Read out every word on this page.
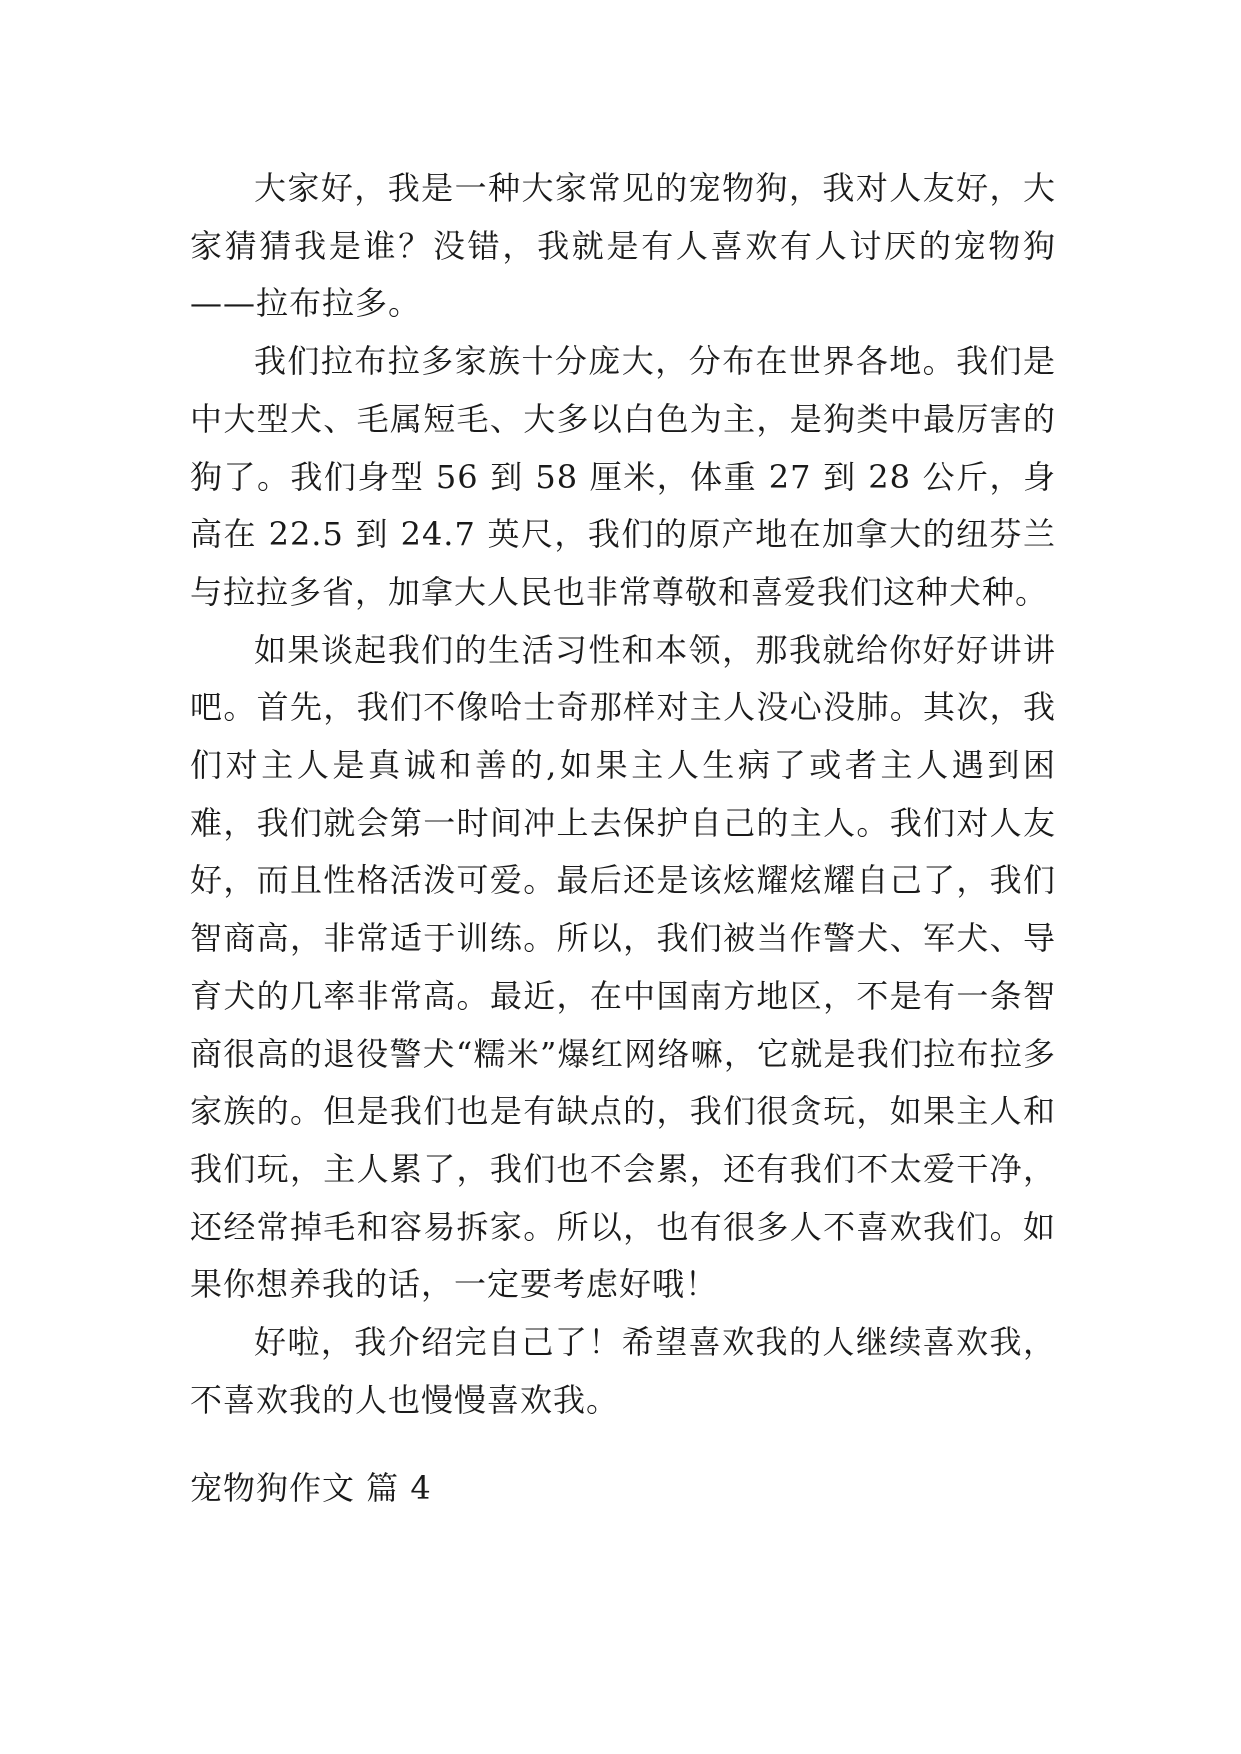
大家好，我是一种大家常见的宠物狗，我对人友好，大家猜猜我是谁？没错，我就是有人喜欢有人讨厌的宠物狗——拉布拉多。

我们拉布拉多家族十分庞大，分布在世界各地。我们是中大型犬、毛属短毛、大多以白色为主，是狗类中最厉害的狗了。我们身型 56 到 58 厘米，体重 27 到 28 公斤，身高在 22.5 到 24.7 英尺，我们的原产地在加拿大的纽芬兰与拉拉多省，加拿大人民也非常尊敬和喜爱我们这种犬种。

如果谈起我们的生活习性和本领，那我就给你好好讲讲吧。首先，我们不像哈士奇那样对主人没心没肺。其次，我们对主人是真诚和善的,如果主人生病了或者主人遇到困难，我们就会第一时间冲上去保护自己的主人。我们对人友好，而且性格活泼可爱。最后还是该炫耀炫耀自己了，我们智商高，非常适于训练。所以，我们被当作警犬、军犬、导育犬的几率非常高。最近，在中国南方地区，不是有一条智商很高的退役警犬“糯米”爆红网络嘛，它就是我们拉布拉多家族的。但是我们也是有缺点的，我们很贪玩，如果主人和我们玩，主人累了，我们也不会累，还有我们不太爱干净，还经常掉毛和容易拆家。所以，也有很多人不喜欢我们。如果你想养我的话，一定要考虑好哦！

好啦，我介绍完自己了！希望喜欢我的人继续喜欢我，不喜欢我的人也慢慢喜欢我。

宠物狗作文 篇 4
